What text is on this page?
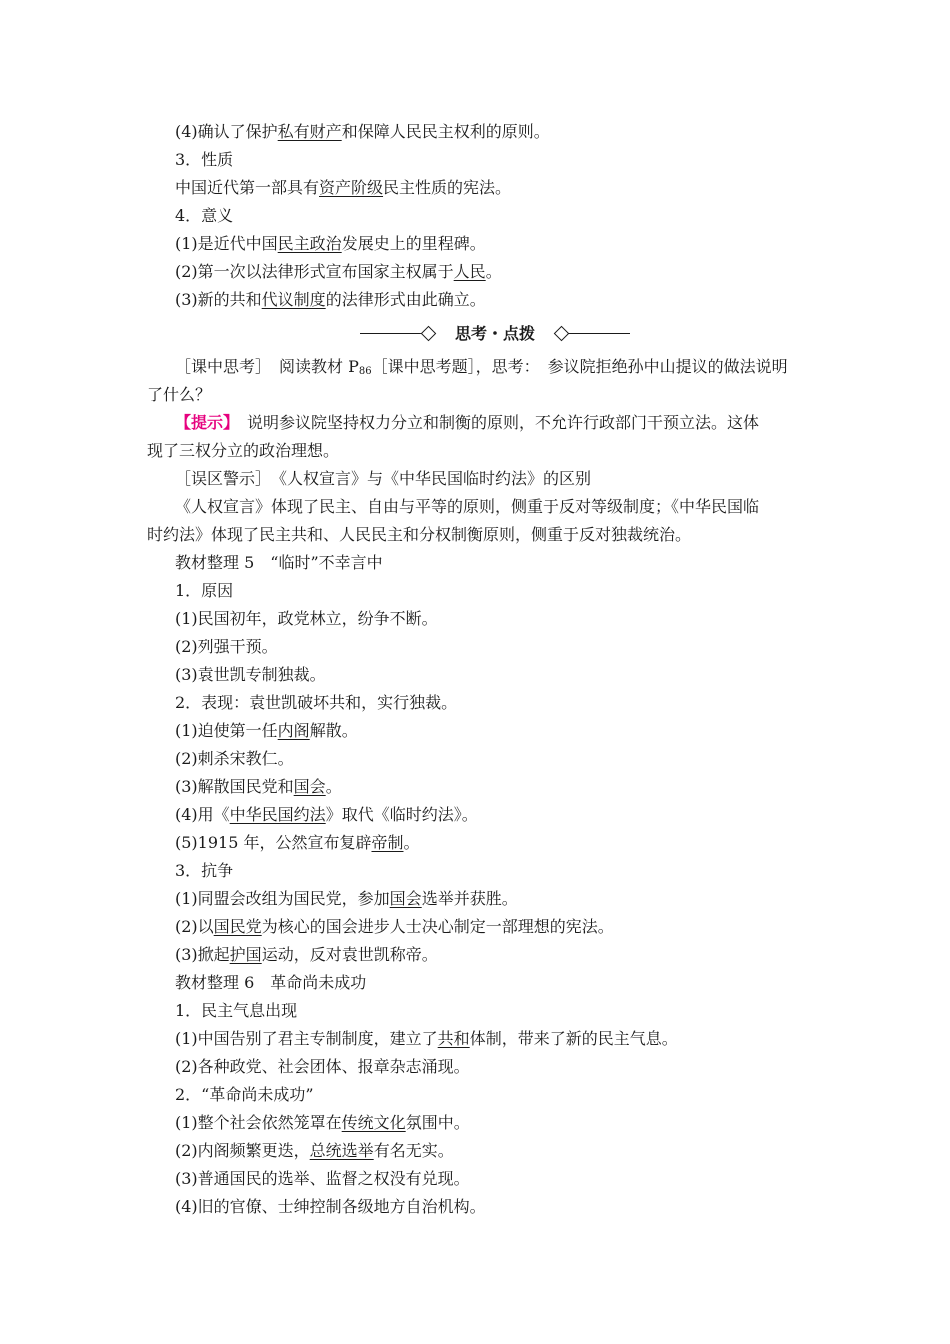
(4)确认了保护私有财产和保障人民民主权利的原则。
3．性质
中国近代第一部具有资产阶级民主性质的宪法。
4．意义
(1)是近代中国民主政治发展史上的里程碑。
(2)第一次以法律形式宣布国家主权属于人民。
(3)新的共和代议制度的法律形式由此确立。
思考・点拨
［课中思考］　阅读教材 $P_{86}[$课中思考题］，思考：　参议院拒绝孙中山提议的做法说明
了什么？
【提示】　说明参议院坚持权力分立和制衡的原则，不允许行政部门干预立法。这体
现了三权分立的政治理想。
［误区警示］　《人权宣言》与《中华民国临时约法》的区别
《人权宣言》体现了民主、自由与平等的原则，侧重于反对等级制度；《中华民国临
时约法》体现了民主共和、人民民主和分权制衡原则，侧重于反对独裁统治。
教材整理 5　“临时”不幸言中
1．原因
(1)民国初年，政党林立，纷争不断。
(2)列强干预。
(3)袁世凯专制独裁。
2．表现：袁世凯破坏共和，实行独裁。
(1)迫使第一任内阁解散。
(2)刺杀宋教仁。
(3)解散国民党和国会。
(4)用《中华民国约法》取代《临时约法》。
(5)1915 年，公然宣布复辟帝制。
3．抗争
(1)同盟会改组为国民党，参加国会选举并获胜。
(2)以国民党为核心的国会进步人士决心制定一部理想的宪法。
(3)掀起护国运动，反对袁世凯称帝。
教材整理 6　革命尚未成功
1．民主气息出现
(1)中国告别了君主专制制度，建立了共和体制，带来了新的民主气息。
(2)各种政党、社会团体、报章杂志涌现。
2．“革命尚未成功”
(1)整个社会依然笼罩在传统文化氛围中。
(2)内阁频繁更迭，总统选举有名无实。
(3)普通国民的选举、监督之权没有兑现。
(4)旧的官僚、士绅控制各级地方自治机构。
